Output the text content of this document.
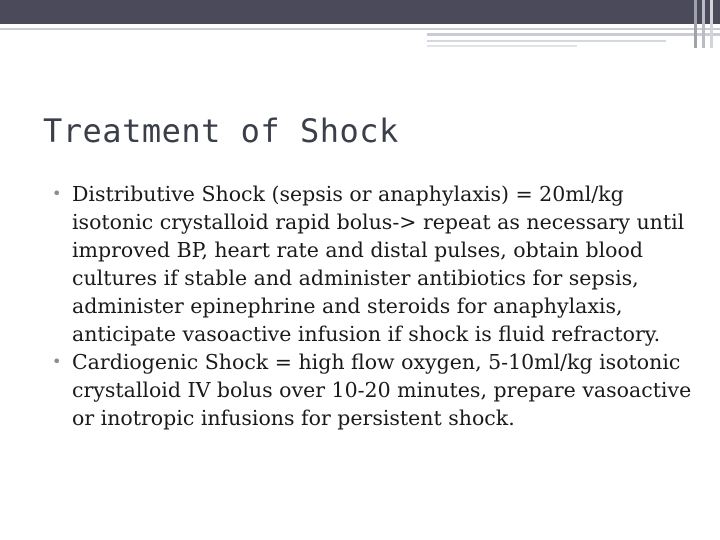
Treatment of Shock
• Distributive Shock (sepsis or anaphylaxis) = 20ml/kg isotonic crystalloid rapid bolus-> repeat as necessary until improved BP, heart rate and distal pulses, obtain blood cultures if stable and administer antibiotics for sepsis, administer epinephrine and steroids for anaphylaxis, anticipate vasoactive infusion if shock is fluid refractory.
• Cardiogenic Shock = high flow oxygen, 5-10ml/kg isotonic crystalloid IV bolus over 10-20 minutes, prepare vasoactive or inotropic infusions for persistent shock.
